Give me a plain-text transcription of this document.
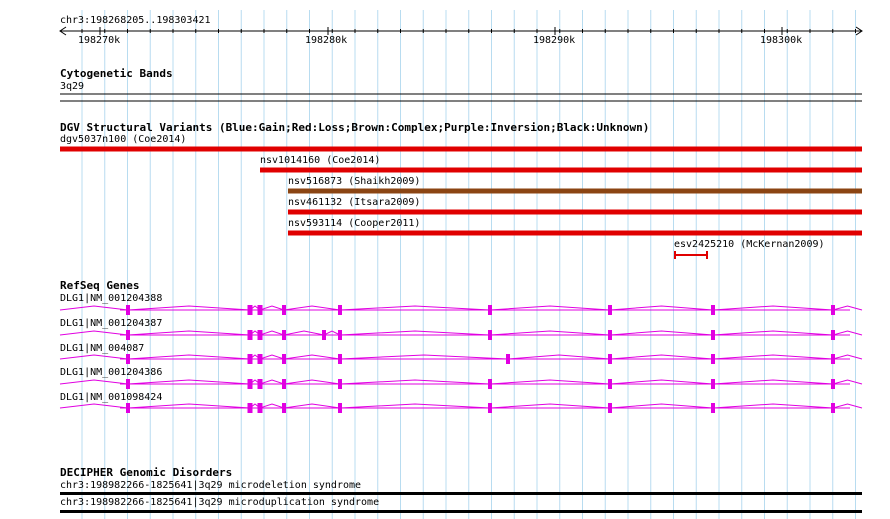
chr3:198268205..198303421
198270k	198280k	198290k	198300k
Cytogenetic Bands
3q29
DGV Structural Variants (Blue:Gain;Red:Loss;Brown:Complex;Purple:Inversion;Black:Unknown)
dgv5037n100 (Coe2014)
nsv1014160 (Coe2014)
nsv516873 (Shaikh2009)
nsv461132 (Itsara2009)
nsv593114 (Cooper2011)
esv2425210 (McKernan2009)
RefSeq Genes
DLG1|NM_001204388
DLG1|NM_001204387
DLG1|NM_004087
DLG1|NM_001204386
DLG1|NM_001098424
DECIPHER Genomic Disorders
chr3:198982266-1825641|3q29 microdeletion syndrome
chr3:198982266-1825641|3q29 microduplication syndrome
